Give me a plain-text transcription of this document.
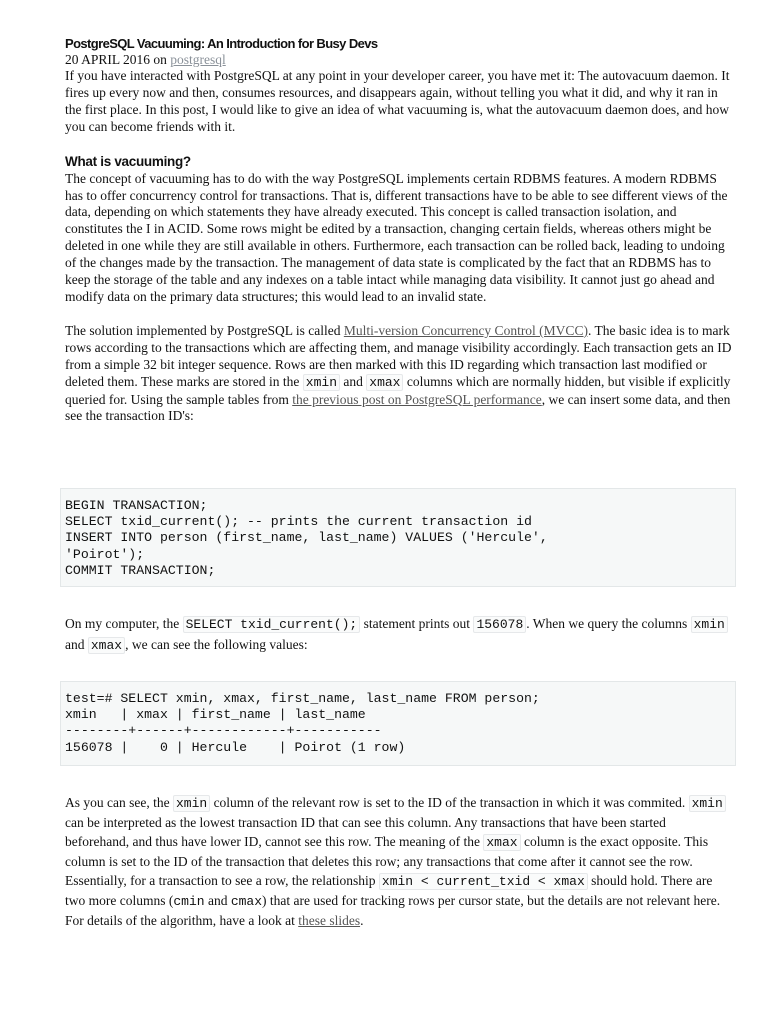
PostgreSQL Vacuuming: An Introduction for Busy Devs
20 APRIL 2016 on postgresql

If you have interacted with PostgreSQL at any point in your developer career, you have met it: The autovacuum daemon. It fires up every now and then, consumes resources, and disappears again, without telling you what it did, and why it ran in the first place. In this post, I would like to give an idea of what vacuuming is, what the autovacuum daemon does, and how you can become friends with it.

What is vacuuming?

The concept of vacuuming has to do with the way PostgreSQL implements certain RDBMS features. A modern RDBMS has to offer concurrency control for transactions. That is, different transactions have to be able to see different views of the data, depending on which statements they have already executed. This concept is called transaction isolation, and constitutes the I in ACID. Some rows might be edited by a transaction, changing certain fields, whereas others might be deleted in one while they are still available in others. Furthermore, each transaction can be rolled back, leading to undoing of the changes made by the transaction. The management of data state is complicated by the fact that an RDBMS has to keep the storage of the table and any indexes on a table intact while managing data visibility. It cannot just go ahead and modify data on the primary data structures; this would lead to an invalid state.

The solution implemented by PostgreSQL is called Multi-version Concurrency Control (MVCC). The basic idea is to mark rows according to the transactions which are affecting them, and manage visibility accordingly. Each transaction gets an ID from a simple 32 bit integer sequence. Rows are then marked with this ID regarding which transaction last modified or deleted them. These marks are stored in the xmin and xmax columns which are normally hidden, but visible if explicitly queried for. Using the sample tables from the previous post on PostgreSQL performance, we can insert some data, and then see the transaction ID's:

BEGIN TRANSACTION;
SELECT txid_current(); -- prints the current transaction id
INSERT INTO person (first_name, last_name) VALUES ('Hercule',
'Poirot');
COMMIT TRANSACTION;

On my computer, the SELECT txid_current(); statement prints out 156078 . When we query the columns xmin and xmax , we can see the following values:

test=# SELECT xmin, xmax, first_name, last_name FROM person;
xmin   | xmax | first_name | last_name
--------+------+------------+-----------
156078 |    0 | Hercule    | Poirot (1 row)

As you can see, the xmin column of the relevant row is set to the ID of the transaction in which it was commited. xmin can be interpreted as the lowest transaction ID that can see this column. Any transactions that have been started beforehand, and thus have lower ID, cannot see this row. The meaning of the xmax column is the exact opposite. This column is set to the ID of the transaction that deletes this row; any transactions that come after it cannot see the row. Essentially, for a transaction to see a row, the relationship xmin < current_txid < xmax should hold. There are two more columns (cmin and cmax) that are used for tracking rows per cursor state, but the details are not relevant here. For details of the algorithm, have a look at these slides.
